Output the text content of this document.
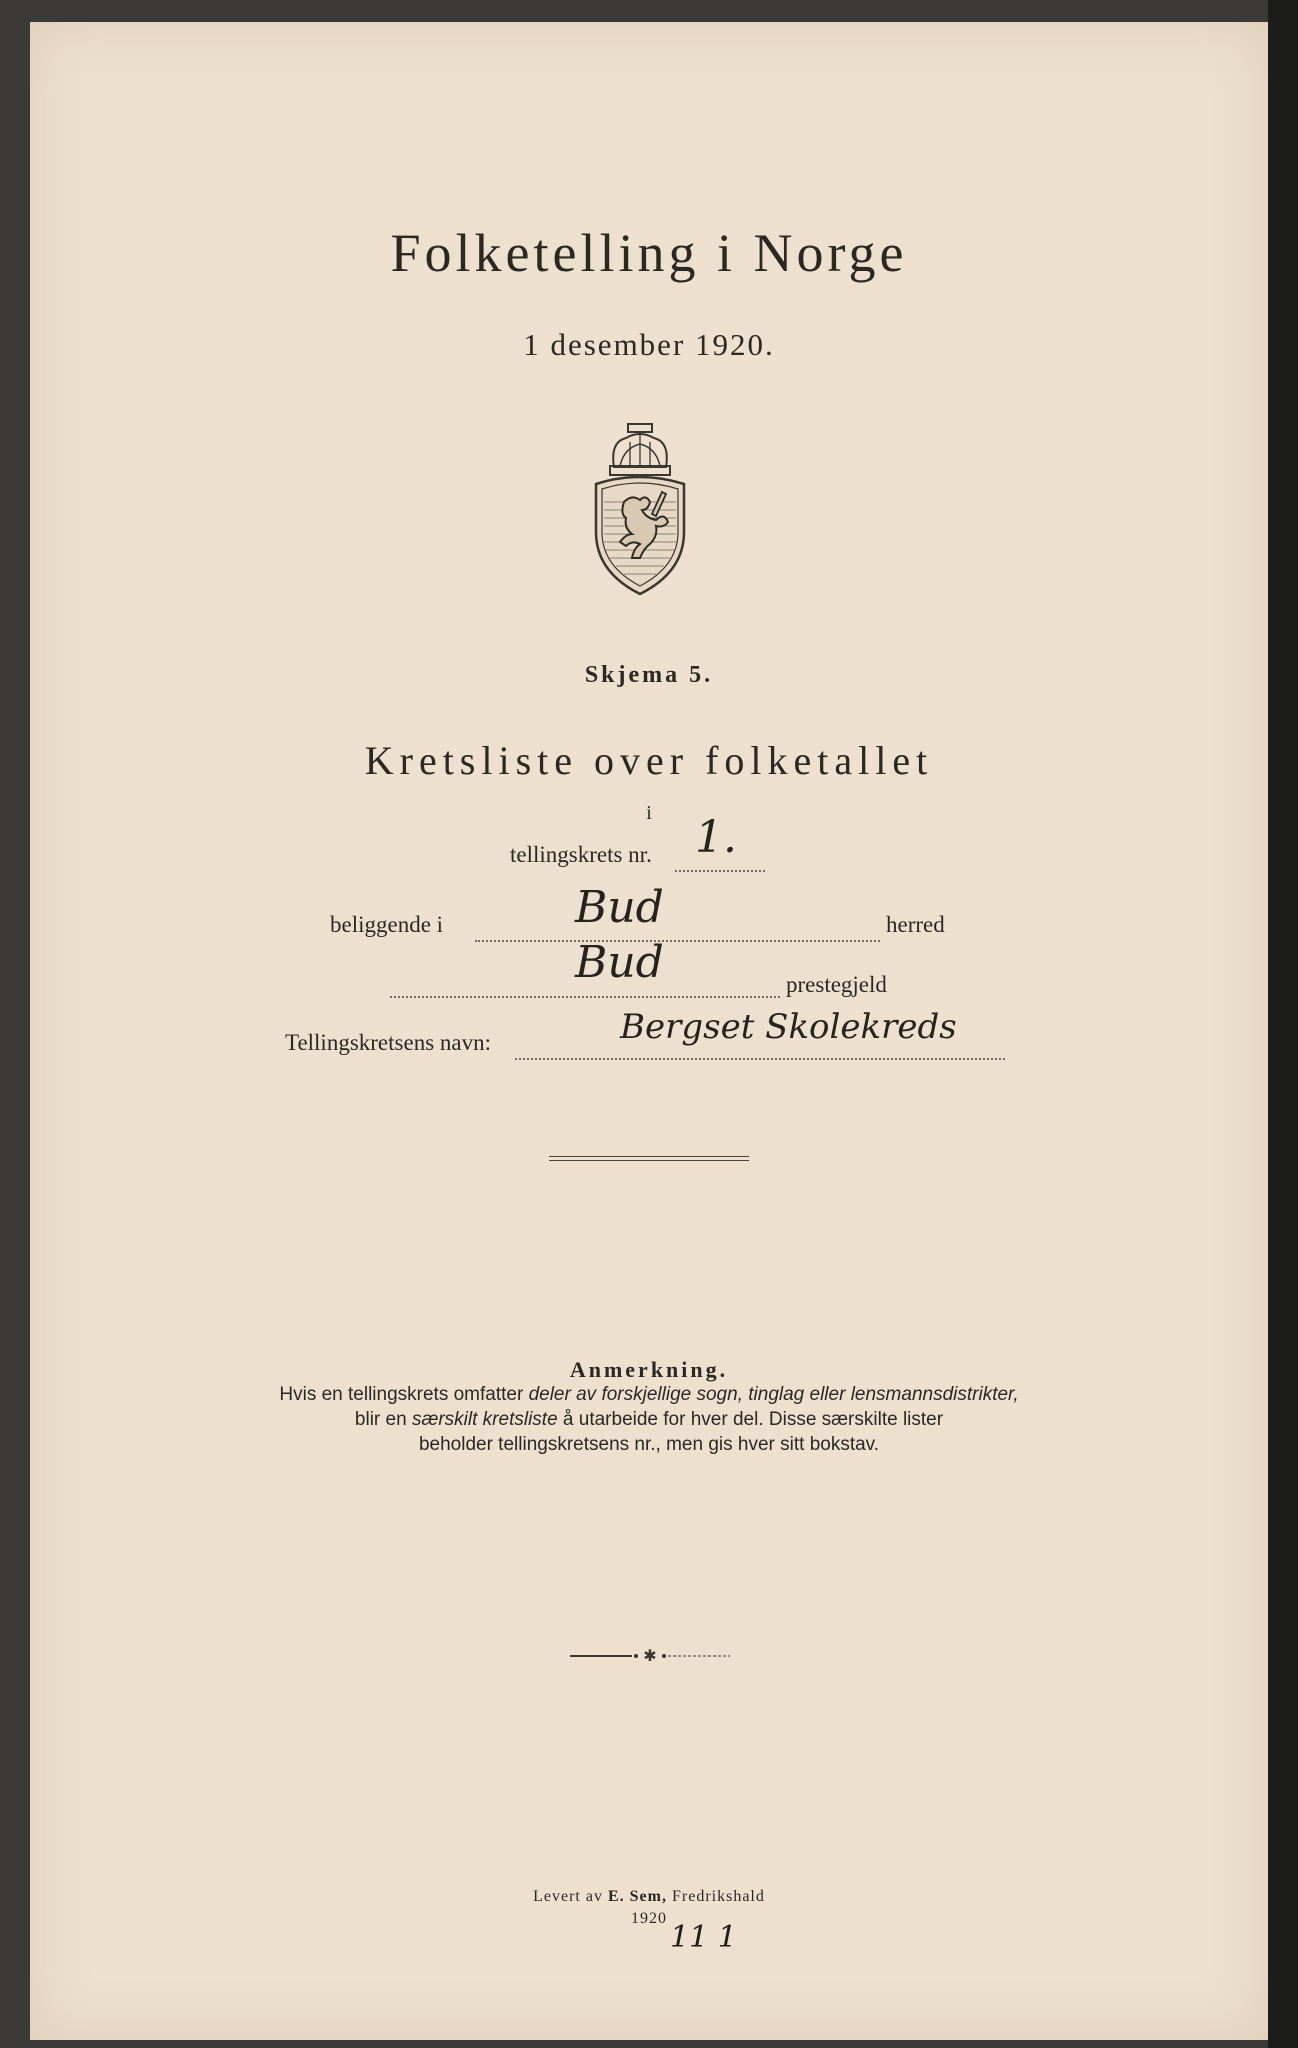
Folketelling i Norge
1 desember 1920.
Skjema 5.
Kretsliste over folketallet
i
tellingskrets nr. 1.
beliggende i	Bud	herred
Bud	prestegjeld
Tellingskretsens navn:	Bergset Skolekreds
Anmerkning.
Hvis en tellingskrets omfatter deler av forskjellige sogn, tinglag eller lensmannsdistrikter,
blir en særskilt kretsliste å utarbeide for hver del. Disse særskilte lister
beholder tellingskretsens nr., men gis hver sitt bokstav.
✱
Levert av E. Sem, Fredrikshald
1920
11 1
